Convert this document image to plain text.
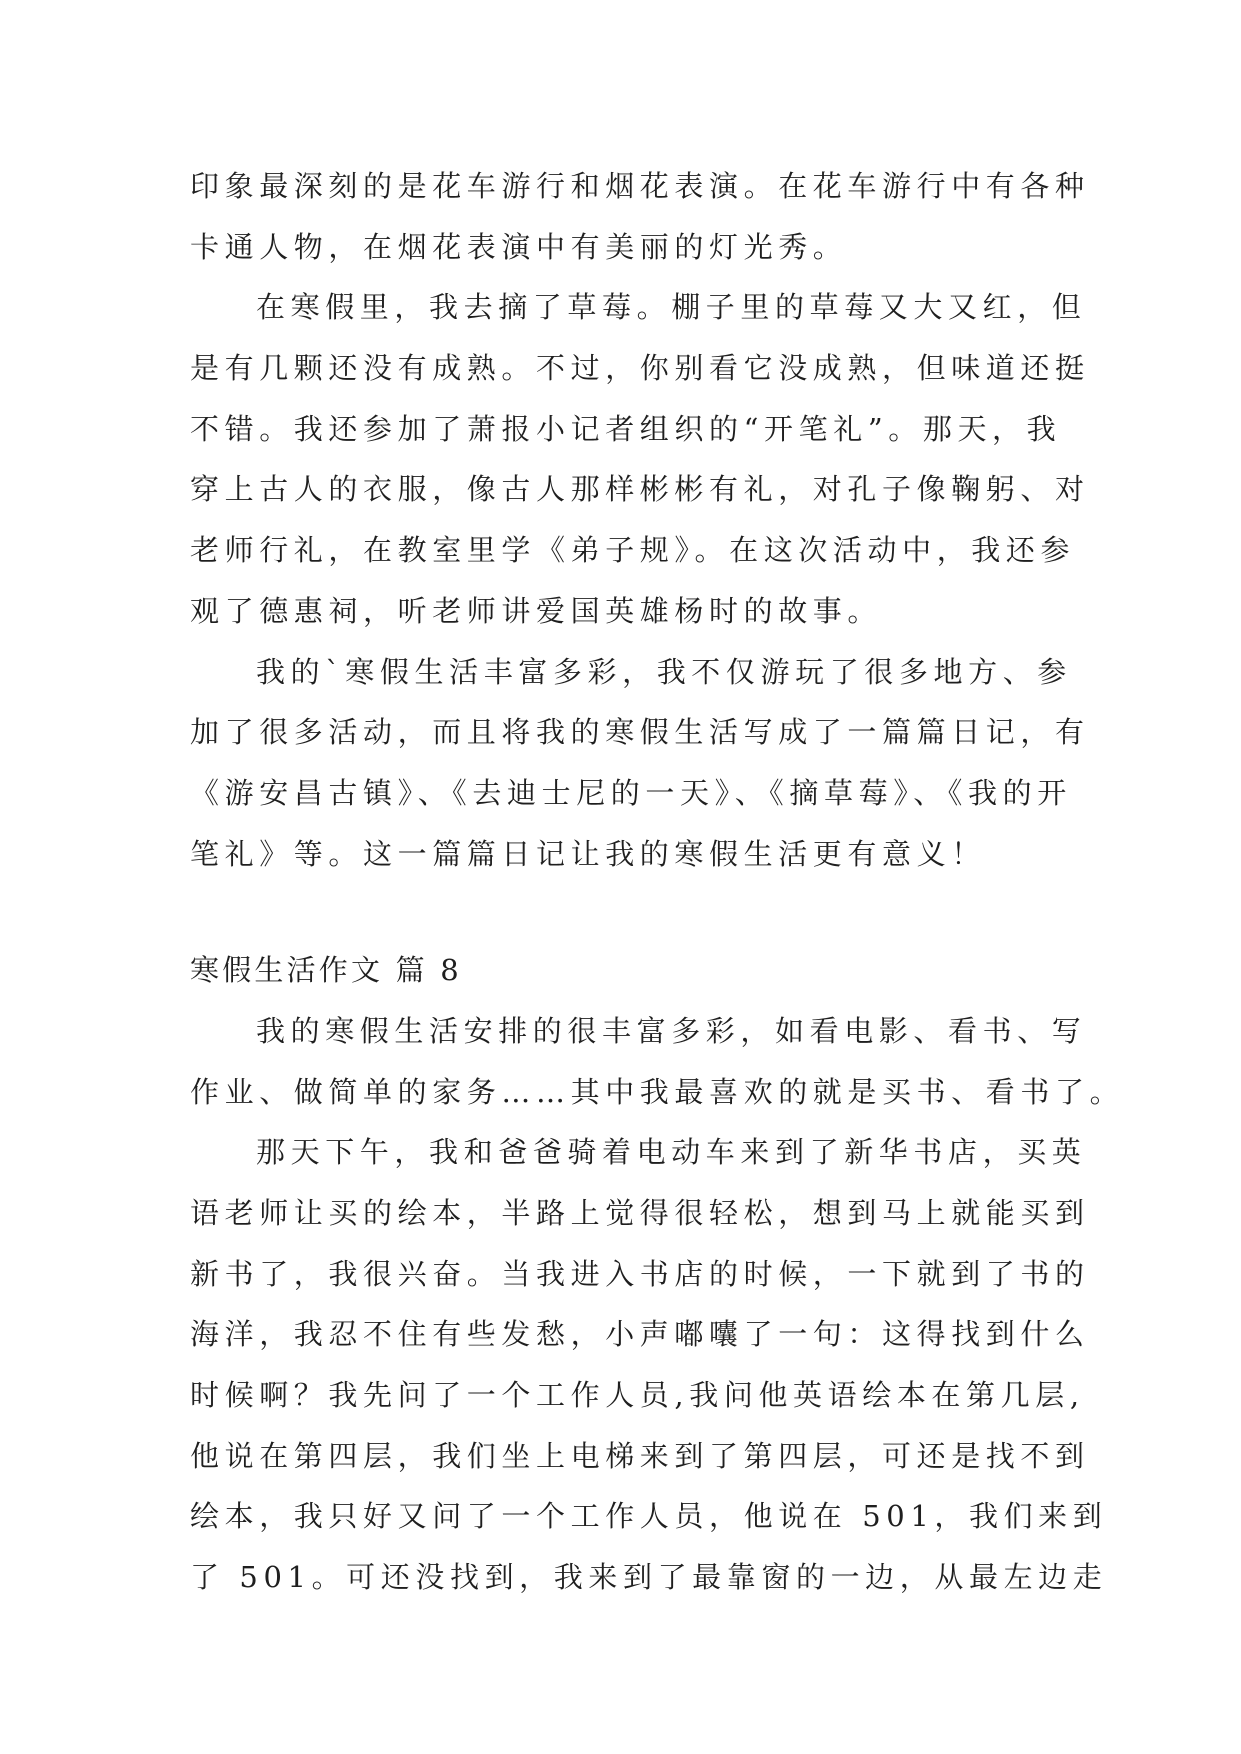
印象最深刻的是花车游行和烟花表演。在花车游行中有各种
卡通人物，在烟花表演中有美丽的灯光秀。
在寒假里，我去摘了草莓。棚子里的草莓又大又红，但
是有几颗还没有成熟。不过，你别看它没成熟，但味道还挺
不错。我还参加了萧报小记者组织的“开笔礼”。那天，我
穿上古人的衣服，像古人那样彬彬有礼，对孔子像鞠躬、对
老师行礼，在教室里学《弟子规》。在这次活动中，我还参
观了德惠祠，听老师讲爱国英雄杨时的故事。
我的`寒假生活丰富多彩，我不仅游玩了很多地方、参
加了很多活动，而且将我的寒假生活写成了一篇篇日记，有
《游安昌古镇》、《去迪士尼的一天》、《摘草莓》、《我的开
笔礼》等。这一篇篇日记让我的寒假生活更有意义！
寒假生活作文 篇 8
我的寒假生活安排的很丰富多彩，如看电影、看书、写
作业、做简单的家务……其中我最喜欢的就是买书、看书了。
那天下午，我和爸爸骑着电动车来到了新华书店，买英
语老师让买的绘本，半路上觉得很轻松，想到马上就能买到
新书了，我很兴奋。当我进入书店的时候，一下就到了书的
海洋，我忍不住有些发愁，小声嘟囔了一句：这得找到什么
时候啊？我先问了一个工作人员,我问他英语绘本在第几层,
他说在第四层，我们坐上电梯来到了第四层，可还是找不到
绘本，我只好又问了一个工作人员，他说在 501，我们来到
了 501。可还没找到，我来到了最靠窗的一边，从最左边走
